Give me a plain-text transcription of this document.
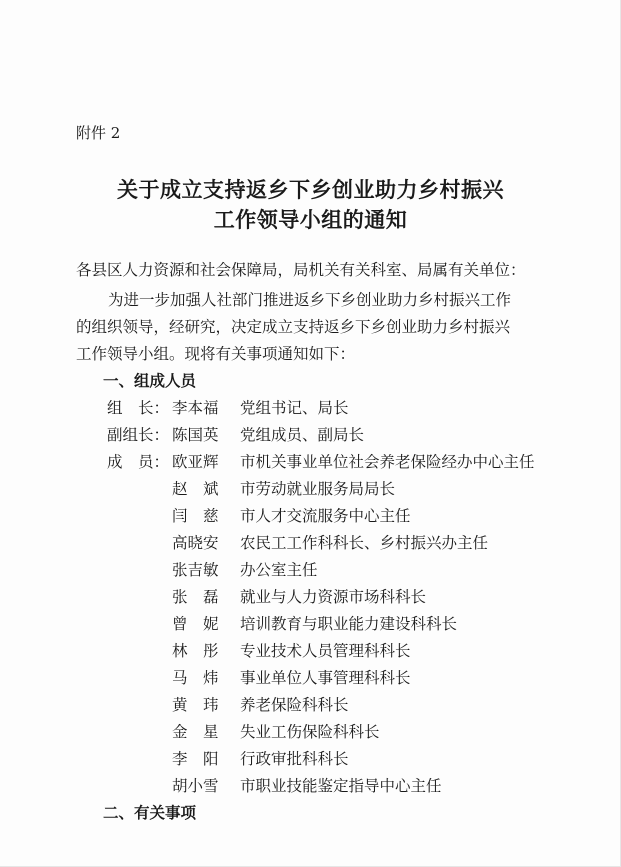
附件 2
关于成立支持返乡下乡创业助力乡村振兴
工作领导小组的通知
各县区人力资源和社会保障局，局机关有关科室、局属有关单位：
为进一步加强人社部门推进返乡下乡创业助力乡村振兴工作
的组织领导，经研究，决定成立支持返乡下乡创业助力乡村振兴
工作领导小组。现将有关事项通知如下：
一、组成人员
组　长： 李本福 党组书记、局长
副组长： 陈国英 党组成员、副局长
成　员： 欧亚辉 市机关事业单位社会养老保险经办中心主任
赵　斌 市劳动就业服务局局长
闫　慈 市人才交流服务中心主任
高晓安 农民工工作科科长、乡村振兴办主任
张吉敏 办公室主任
张　磊 就业与人力资源市场科科长
曾　妮 培训教育与职业能力建设科科长
林　彤 专业技术人员管理科科长
马　炜 事业单位人事管理科科长
黄　玮 养老保险科科长
金　星 失业工伤保险科科长
李　阳 行政审批科科长
胡小雪 市职业技能鉴定指导中心主任
二、有关事项
